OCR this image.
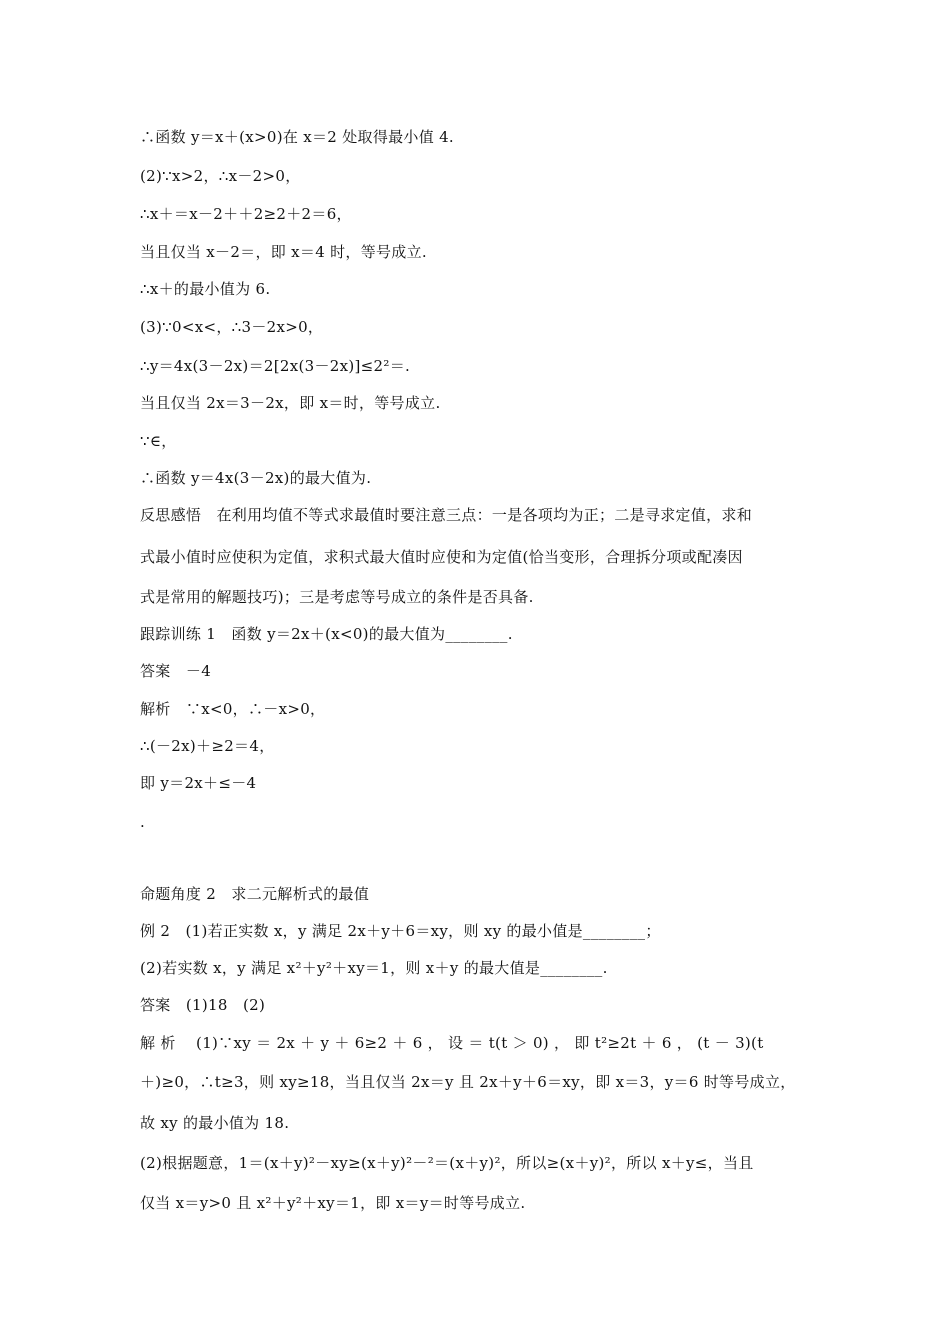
∴函数 y＝x＋(x>0)在 x＝2 处取得最小值 4.
(2)∵x>2，∴x－2>0，
∴x＋＝x－2＋＋2≥2＋2＝6，
当且仅当 x－2＝，即 x＝4 时，等号成立.
∴x＋的最小值为 6.
(3)∵0<x<，∴3－2x>0，
∴y＝4x(3－2x)＝2[2x(3－2x)]≤2²＝.
当且仅当 2x＝3－2x，即 x＝时，等号成立.
∵∈，
∴函数 y＝4x(3－2x)的最大值为.
反思感悟　在利用均值不等式求最值时要注意三点：一是各项均为正；二是寻求定值，求和
式最小值时应使积为定值，求积式最大值时应使和为定值(恰当变形，合理拆分项或配凑因
式是常用的解题技巧)；三是考虑等号成立的条件是否具备.
跟踪训练 1　函数 y＝2x＋(x<0)的最大值为________.
答案　－4
解析　∵x<0，∴－x>0，
∴(－2x)＋≥2＝4，
即 y＝2x＋≤－4
.
命题角度 2　求二元解析式的最值
例 2　(1)若正实数 x，y 满足 2x＋y＋6＝xy，则 xy 的最小值是________；
(2)若实数 x，y 满足 x²＋y²＋xy＝1，则 x＋y 的最大值是________.
答案　(1)18　(2)
解 析　 (1)∵xy ＝ 2x ＋ y ＋ 6≥2 ＋ 6 ， 设 ＝ t(t ＞ 0) ， 即 t²≥2t ＋ 6 ， (t － 3)(t
＋)≥0，∴t≥3，则 xy≥18，当且仅当 2x＝y 且 2x＋y＋6＝xy，即 x＝3，y＝6 时等号成立，
故 xy 的最小值为 18.
(2)根据题意，1＝(x＋y)²－xy≥(x＋y)²－²＝(x＋y)²，所以≥(x＋y)²，所以 x＋y≤，当且
仅当 x＝y>0 且 x²＋y²＋xy＝1，即 x＝y＝时等号成立.
